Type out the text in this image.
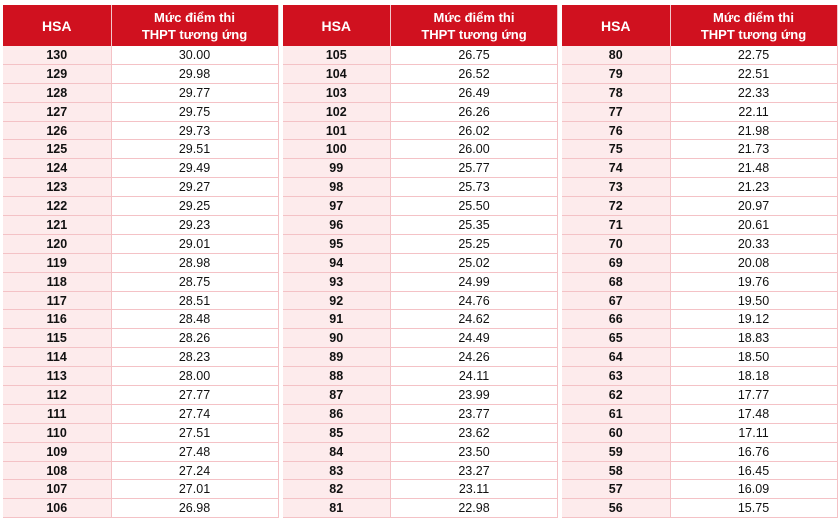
HSA	Mức điểm thi
THPT tương ứng

130	30.00
129	29.98
128	29.77
127	29.75
126	29.73
125	29.51
124	29.49
123	29.27
122	29.25
121	29.23
120	29.01
119	28.98
118	28.75
117	28.51
116	28.48
115	28.26
114	28.23
113	28.00
112	27.77
111	27.74
110	27.51
109	27.48
108	27.24
107	27.01
106	26.98
HSA	Mức điểm thi
THPT tương ứng

105	26.75
104	26.52
103	26.49
102	26.26
101	26.02
100	26.00
99	25.77
98	25.73
97	25.50
96	25.35
95	25.25
94	25.02
93	24.99
92	24.76
91	24.62
90	24.49
89	24.26
88	24.11
87	23.99
86	23.77
85	23.62
84	23.50
83	23.27
82	23.11
81	22.98
HSA	Mức điểm thi
THPT tương ứng

80	22.75
79	22.51
78	22.33
77	22.11
76	21.98
75	21.73
74	21.48
73	21.23
72	20.97
71	20.61
70	20.33
69	20.08
68	19.76
67	19.50
66	19.12
65	18.83
64	18.50
63	18.18
62	17.77
61	17.48
60	17.11
59	16.76
58	16.45
57	16.09
56	15.75
